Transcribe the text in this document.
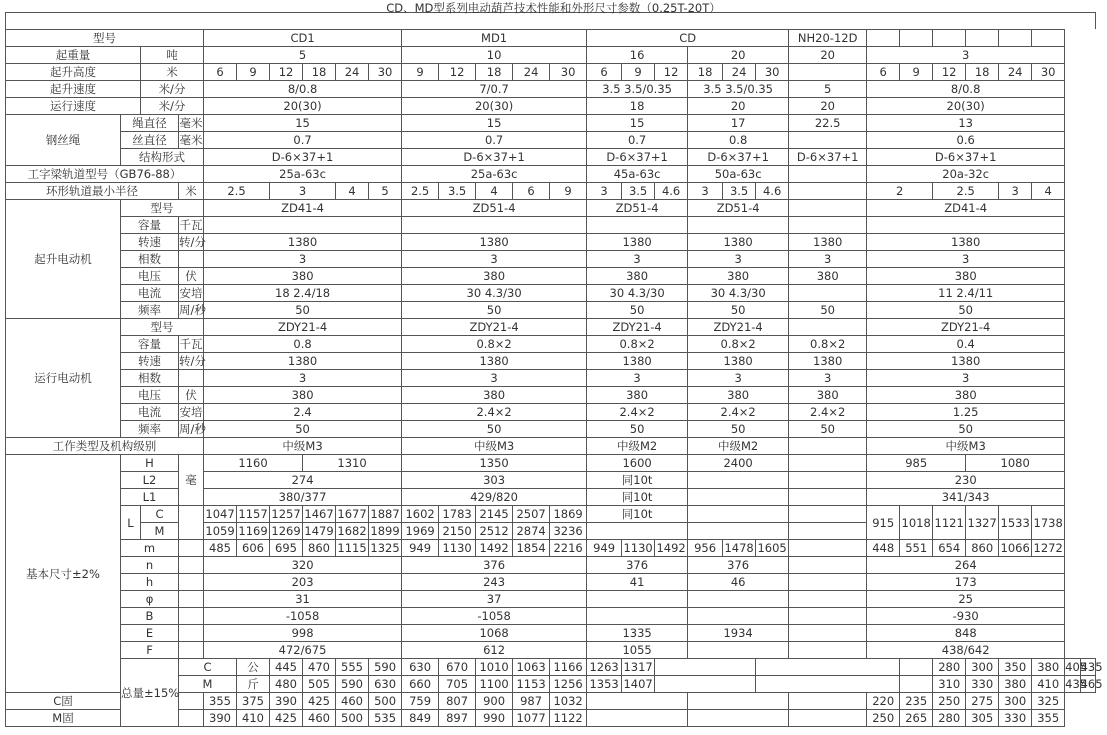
CD、MD型系列电动葫芦技术性能和外形尺寸参数（0.25T-20T）
型号				CD1						MD1					CD						NH20-12D								
起重量		吨		5						10					16			20			20	3							
起升高度		米		6	9	12	18	24	30	9	12	18	24	30	6	9	12	18	24	30		6	9	12	18	24	30		
起升速度		米/分		8/0.8						7/0.7					3.5 3.5/0.35			3.5 3.5/0.35			5	8/0.8							
运行速度		米/分		20(30)						20(30)					18			20			20	20(30)							
钢丝绳	绳直径		毫米	15						15					15			17			22.5	13							
	丝直径		毫米	0.7						0.7					0.7			0.8				0.6							
	结构形式			D-6×37+1						D-6×37+1					D-6×37+1			D-6×37+1			D-6×37+1	D-6×37+1							
工字梁轨道型号（GB76-88）				25a-63c						25a-63c					45a-63c			50a-63c				20a-32c							
环形轨道最小半径			米	2.5		3		4	5	2.5	3.5	4	6	9	3	3.5	4.6	3	3.5	4.6		2		2.5		3	4		
起升电动机	型号			ZD41-4						ZD51-4					ZD51-4			ZD51-4				ZD41-4							
	容量		千瓦																										
	转速		转/分	1380						1380					1380			1380			1380	1380							
	相数			3						3					3			3			3	3							
	电压		伏	380						380					380			380			380	380							
	电流		安培	18 2.4/18						30 4.3/30					30 4.3/30			30 4.3/30				11 2.4/11							
	频率		周/秒	50						50					50			50			50	50							
运行电动机	型号			ZDY21-4						ZDY21-4					ZDY21-4			ZDY21-4				ZDY21-4							
	容量		千瓦	0.8						0.8×2					0.8×2			0.8×2			0.8×2	0.4							
	转速		转/分	1380						1380					1380			1380			1380	1380							
	相数			3						3					3			3			3	3							
	电压		伏	380						380					380			380			380	380							
	电流		安培	2.4						2.4×2					2.4×2			2.4×2			2.4×2	1.25							
	频率		周/秒	50						50					50			50			50	50							
工作类型及机构级别				中级M3						中级M3					中级M2			中级M2				中级M3							
基本尺寸±2%	H		毫	1160			1310			1350					1600			2400				985			1080				
	L2			274						303					同10t							230							
	L1			380/377						429/820					同10t							341/343							
	L	C		1047	1157	1257	1467	1677	1887	1602	1783	2145	2507	1869	同10t							915	1018	1121	1327	1533	1738		
		M		1059	1169	1269	1479	1682	1899	1969	2150	2512	2874	3236															
	m			485	606	695	860	1115	1325	949	1130	1492	1854	2216	949	1130	1492	956	1478	1605		448	551	654	860	1066	1272		
	n			320						376					376			376				264							
	h			203						243					41			46				173							
	φ			31						37												25							
	B			-1058						-1058												-930							
	E			998						1068					1335			1934				848							
	F			472/675						612					1055							438/642							
	总量±15%		C		公	445	470	555	590	630	670	1010	1063	1166	1263	1317								280	300	350	380	405	435
			M		斤	480	505	590	630	660	705	1100	1153	1256	1353	1407								310	330	380	410	435	465
C固				355	375	390	425	460	500	759	807	900	987	1032								220	235	250	275	300	325		
M固				390	410	425	460	500	535	849	897	990	1077	1122								250	265	280	305	330	355		
